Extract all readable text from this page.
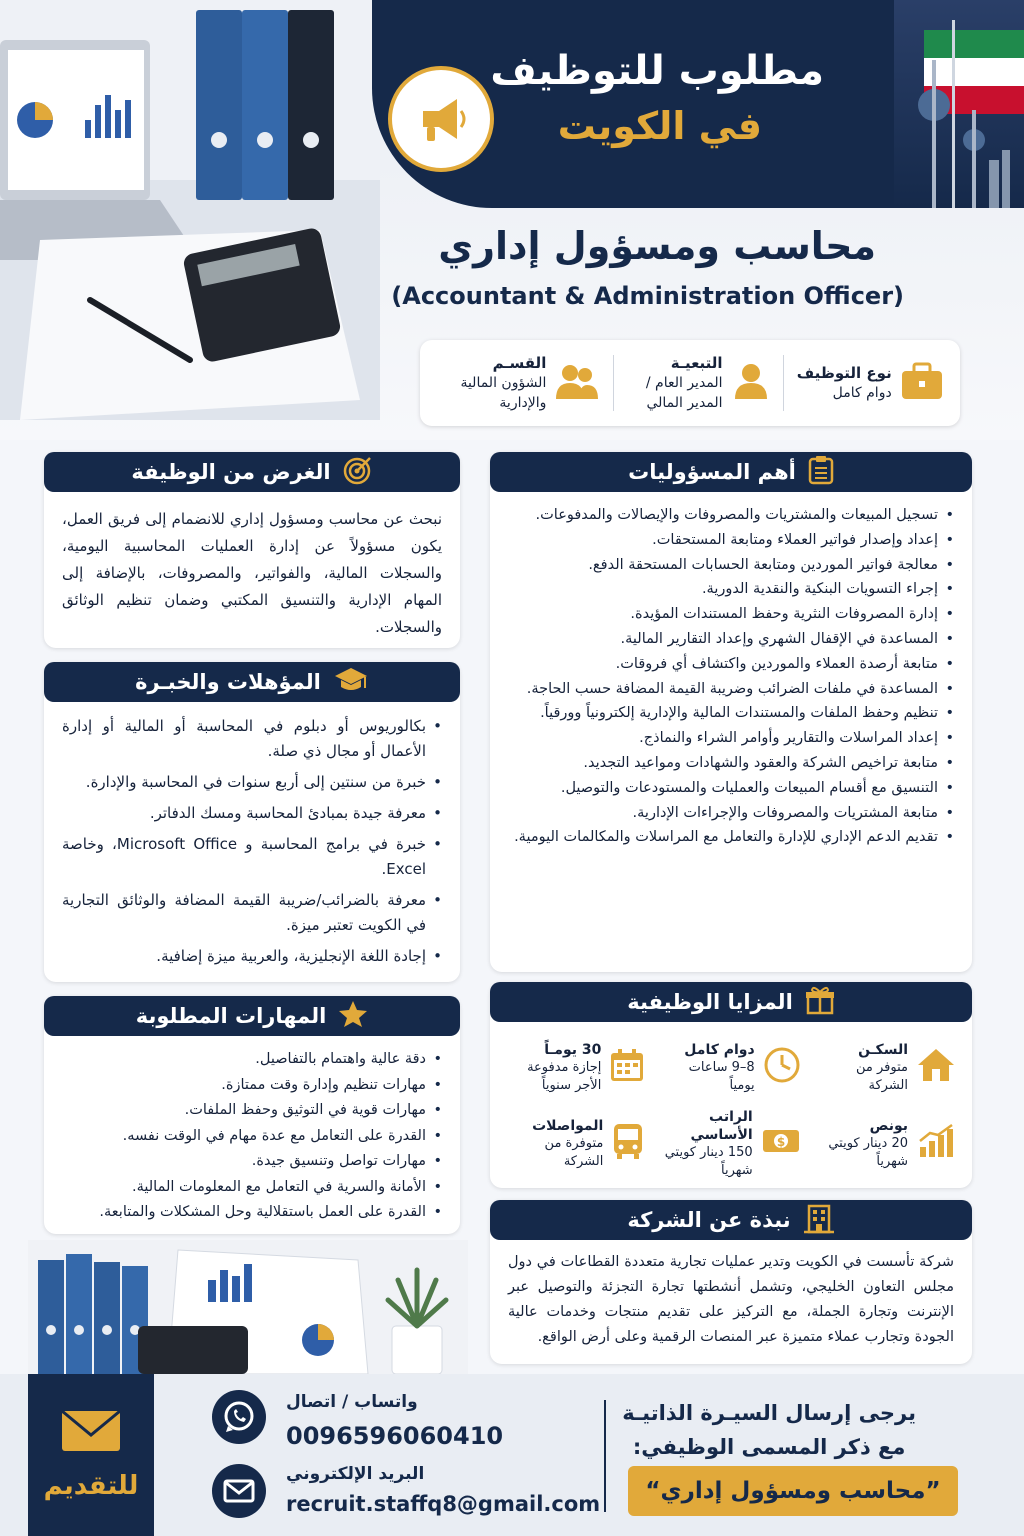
مطلوب للتوظيف
في الكويت
محاسب ومسؤول إداري
(Accountant & Administration Officer)
نوع التوظيف
دوام كامل
التبعيـة
المدير العام / المدير المالي
القسـم
الشؤون المالية والإدارية
أهم المسؤوليات
• تسجيل المبيعات والمشتريات والمصروفات والإيصالات والمدفوعات.
• إعداد وإصدار فواتير العملاء ومتابعة المستحقات.
• معالجة فواتير الموردين ومتابعة الحسابات المستحقة الدفع.
• إجراء التسويات البنكية والنقدية الدورية.
• إدارة المصروفات النثرية وحفظ المستندات المؤيدة.
• المساعدة في الإقفال الشهري وإعداد التقارير المالية.
• متابعة أرصدة العملاء والموردين واكتشاف أي فروقات.
• المساعدة في ملفات الضرائب وضريبة القيمة المضافة حسب الحاجة.
• تنظيم وحفظ الملفات والمستندات المالية والإدارية إلكترونياً وورقياً.
• إعداد المراسلات والتقارير وأوامر الشراء والنماذج.
• متابعة تراخيص الشركة والعقود والشهادات ومواعيد التجديد.
• التنسيق مع أقسام المبيعات والعمليات والمستودعات والتوصيل.
• متابعة المشتريات والمصروفات والإجراءات الإدارية.
• تقديم الدعم الإداري للإدارة والتعامل مع المراسلات والمكالمات اليومية.
الغرض من الوظيفة

نبحث عن محاسب ومسؤول إداري للانضمام إلى فريق العمل، يكون مسؤولاً عن إدارة العمليات المحاسبية اليومية، والسجلات المالية، والفواتير، والمصروفات، بالإضافة إلى المهام الإدارية والتنسيق المكتبي وضمان تنظيم الوثائق والسجلات.

المؤهلات والخبـرة
• بكالوريوس أو دبلوم في المحاسبة أو المالية أو إدارة الأعمال أو مجال ذي صلة.
• خبرة من سنتين إلى أربع سنوات في المحاسبة والإدارة.
• معرفة جيدة بمبادئ المحاسبة ومسك الدفاتر.
• خبرة في برامج المحاسبة و Microsoft Office، وخاصة Excel.
• معرفة بالضرائب/ضريبة القيمة المضافة والوثائق التجارية في الكويت تعتبر ميزة.
• إجادة اللغة الإنجليزية، والعربية ميزة إضافية.
المهارات المطلوبة
• دقة عالية واهتمام بالتفاصيل.
• مهارات تنظيم وإدارة وقت ممتازة.
• مهارات قوية في التوثيق وحفظ الملفات.
• القدرة على التعامل مع عدة مهام في الوقت نفسه.
• مهارات تواصل وتنسيق جيدة.
• الأمانة والسرية في التعامل مع المعلومات المالية.
• القدرة على العمل باستقلالية وحل المشكلات والمتابعة.
المزايا الوظيفية
السكـن
متوفر من الشركة
دوام كامل
8–9 ساعات يومياً
30 يومـاً
إجازة مدفوعة الأجر سنوياً
بونص
20 دينار كويتي شهرياً
$
الراتب الأساسي
150 دينار كويتي شهرياً
المواصلات
متوفرة من الشركة
نبذة عن الشركة

شركة تأسست في الكويت وتدير عمليات تجارية متعددة القطاعات في دول مجلس التعاون الخليجي، وتشمل أنشطتها تجارة التجزئة والتوصيل عبر الإنترنت وتجارة الجملة، مع التركيز على تقديم منتجات وخدمات عالية الجودة وتجارب عملاء متميزة عبر المنصات الرقمية وعلى أرض الواقع.

للتقديم
واتساب / اتصال
0096596060410
البريد الإلكتروني
recruit.staffq8@gmail.com
يرجى إرسال السيـرة الذاتيـة
مع ذكر المسمى الوظيفي:
”محاسب ومسؤول إداري“
